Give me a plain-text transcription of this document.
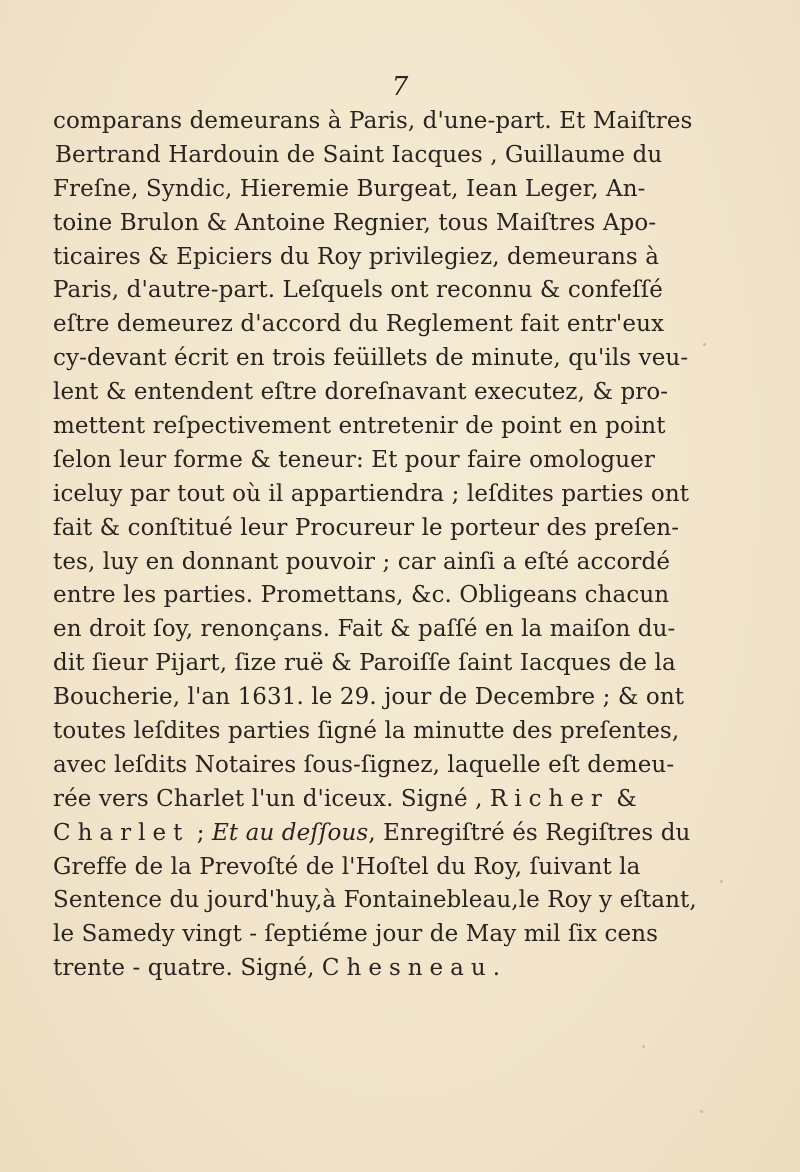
7
comparans demeurans à Paris, d'une-part. Et Maiſtres
Bertrand Hardouin de Saint Iacques , Guillaume du
Freſne, Syndic, Hieremie Burgeat, Iean Leger, An-
toine Brulon & Antoine Regnier, tous Maiſtres Apo-
ticaires & Epiciers du Roy privilegiez, demeurans à
Paris, d'autre-part. Leſquels ont reconnu & confeſſé
eſtre demeurez d'accord du Reglement fait entr'eux
cy-devant écrit en trois feüillets de minute, qu'ils veu-
lent & entendent eſtre doreſnavant executez, & pro-
mettent reſpectivement entretenir de point en point
ſelon leur forme & teneur: Et pour faire omologuer
iceluy par tout où il appartiendra ; leſdites parties ont
fait & conſtitué leur Procureur le porteur des preſen-
tes, luy en donnant pouvoir ; car ainſi a eſté accordé
entre les parties. Promettans, &c. Obligeans chacun
en droit ſoy, renonçans. Fait & paſſé en la maiſon du-
dit ſieur Pijart, ſize ruë & Paroiſſe ſaint Iacques de la
Boucherie, l'an 1631. le 29. jour de Decembre ; & ont
toutes leſdites parties ſigné la minutte des preſentes,
avec leſdits Notaires ſous-ſignez, laquelle eſt demeu-
rée vers Charlet l'un d'iceux. Signé , Richer &
Charlet ; Et au deſſous, Enregiſtré és Regiſtres du
Greffe de la Prevoſté de l'Hoſtel du Roy, ſuivant la
Sentence du jourd'huy,à Fontainebleau,le Roy y eſtant,
le Samedy vingt - ſeptiéme jour de May mil ſix cens
trente - quatre. Signé, Chesneau.
